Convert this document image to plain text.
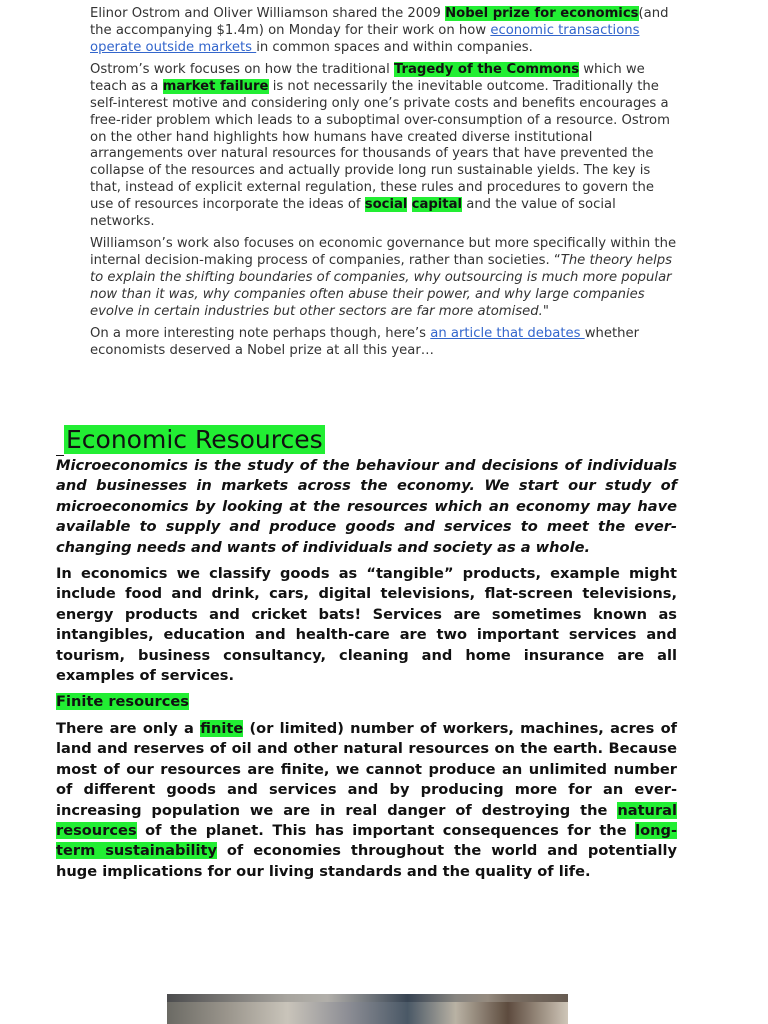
Elinor Ostrom and Oliver Williamson shared the 2009 Nobel prize for economics(and the accompanying $1.4m) on Monday for their work on how economic transactions operate outside markets in common spaces and within companies.

Ostrom’s work focuses on how the traditional Tragedy of the Commons which we teach as a market failure is not necessarily the inevitable outcome. Traditionally the self-interest motive and considering only one’s private costs and benefits encourages a free-rider problem which leads to a suboptimal over-consumption of a resource. Ostrom on the other hand highlights how humans have created diverse institutional arrangements over natural resources for thousands of years that have prevented the collapse of the resources and actually provide long run sustainable yields. The key is that, instead of explicit external regulation, these rules and procedures to govern the use of resources incorporate the ideas of social capital and the value of social networks.

Williamson’s work also focuses on economic governance but more specifically within the internal decision-making process of companies, rather than societies. “The theory helps to explain the shifting boundaries of companies, why outsourcing is much more popular now than it was, why companies often abuse their power, and why large companies evolve in certain industries but other sectors are far more atomised."

On a more interesting note perhaps though, here’s an article that debates whether economists deserved a Nobel prize at all this year…

Economic Resources

Microeconomics is the study of the behaviour and decisions of individuals and businesses in markets across the economy. We start our study of microeconomics by looking at the resources which an economy may have available to supply and produce goods and services to meet the ever-changing needs and wants of individuals and society as a whole.

In economics we classify goods as “tangible” products, example might include food and drink, cars, digital televisions, flat-screen televisions, energy products and cricket bats! Services are sometimes known as intangibles, education and health-care are two important services and tourism, business consultancy, cleaning and home insurance are all examples of services.

Finite resources

There are only a finite (or limited) number of workers, machines, acres of land and reserves of oil and other natural resources on the earth. Because most of our resources are finite, we cannot produce an unlimited number of different goods and services and by producing more for an ever-increasing population we are in real danger of destroying the natural resources of the planet. This has important consequences for the long-term sustainability of economies throughout the world and potentially huge implications for our living standards and the quality of life.
